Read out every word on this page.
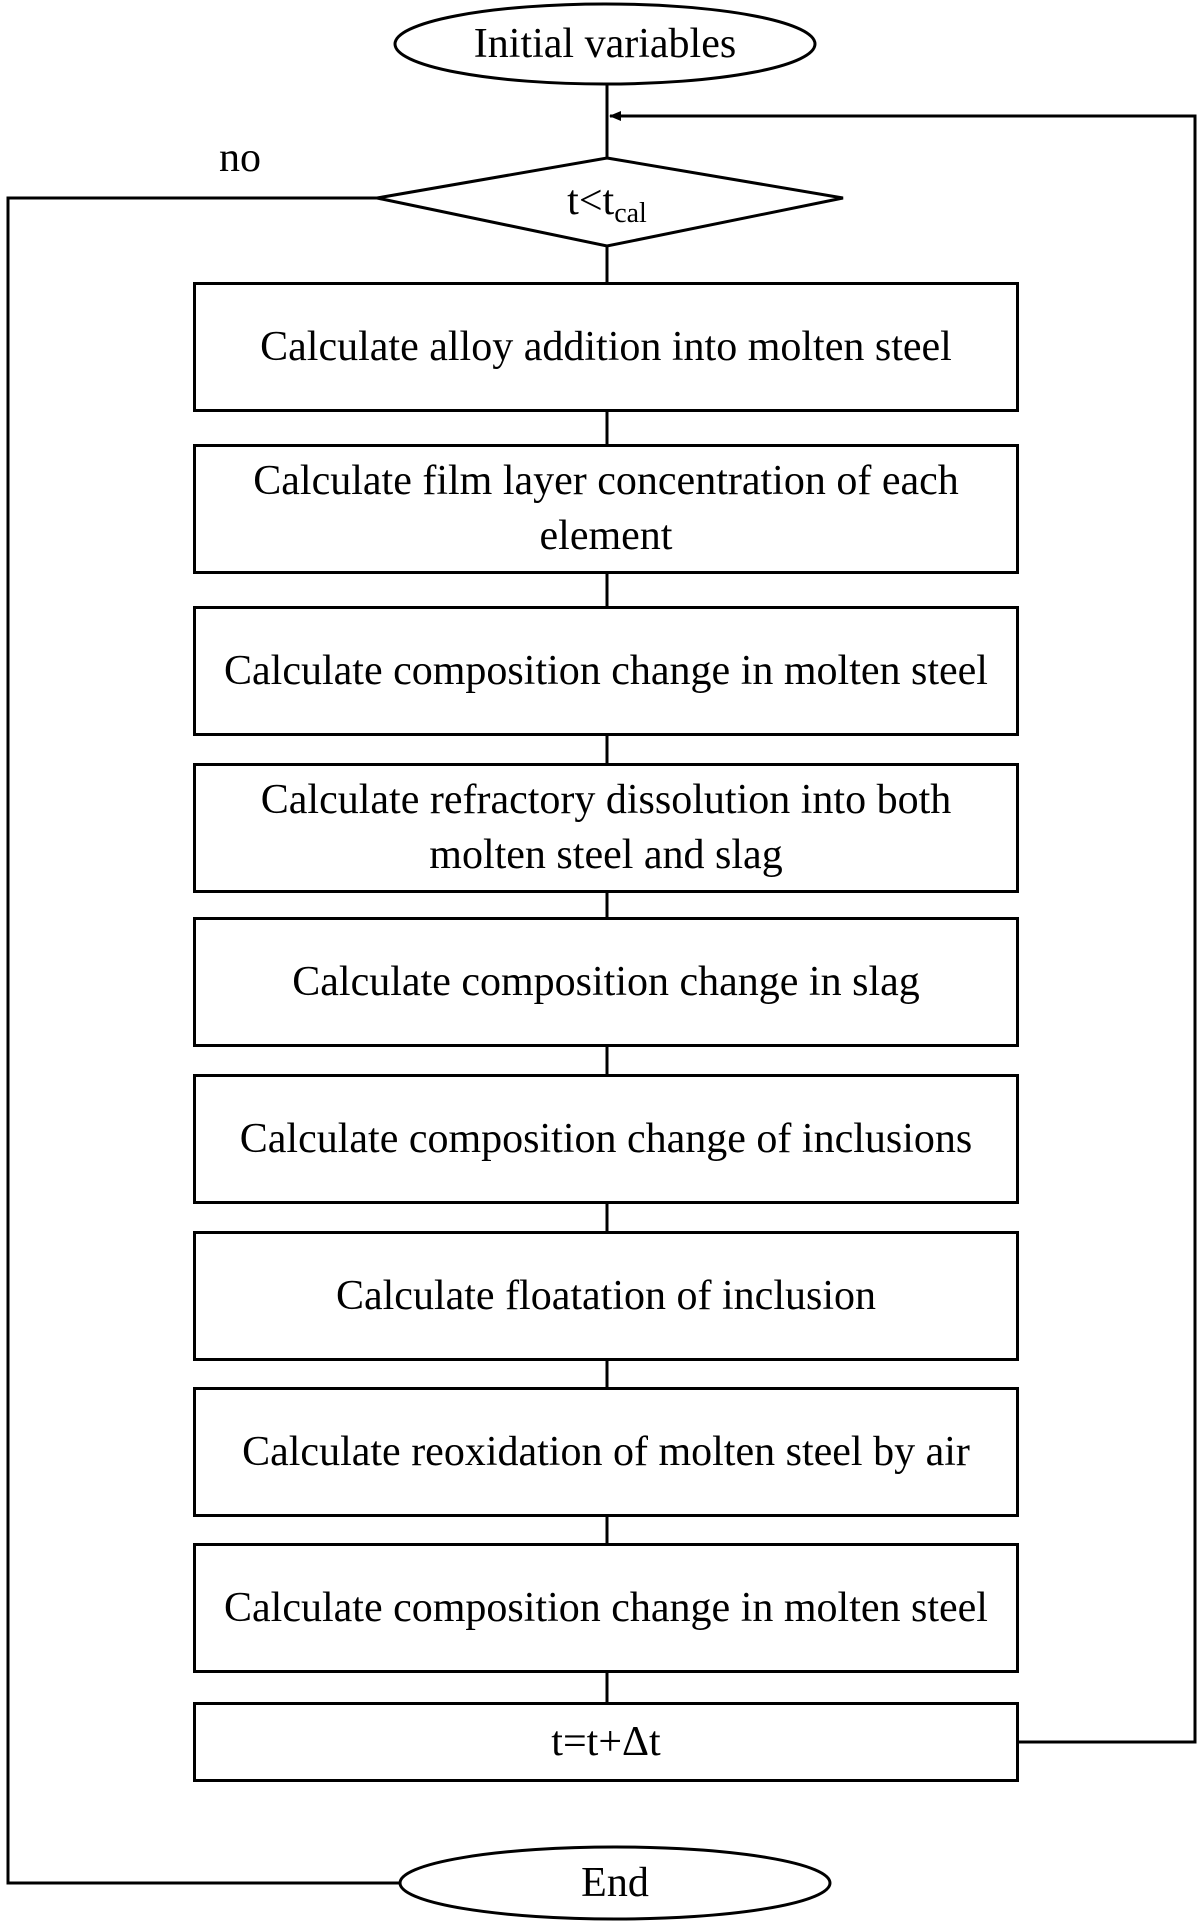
Initial variables
$t<t_{cal}$
no
Calculate alloy addition into molten steel
Calculate film layer concentration of each element
Calculate composition change in molten steel
Calculate refractory dissolution into both molten steel and slag
Calculate composition change in slag
Calculate composition change of inclusions
Calculate floatation of inclusion
Calculate reoxidation of molten steel by air
Calculate composition change in molten steel
t=t+Δt
End
